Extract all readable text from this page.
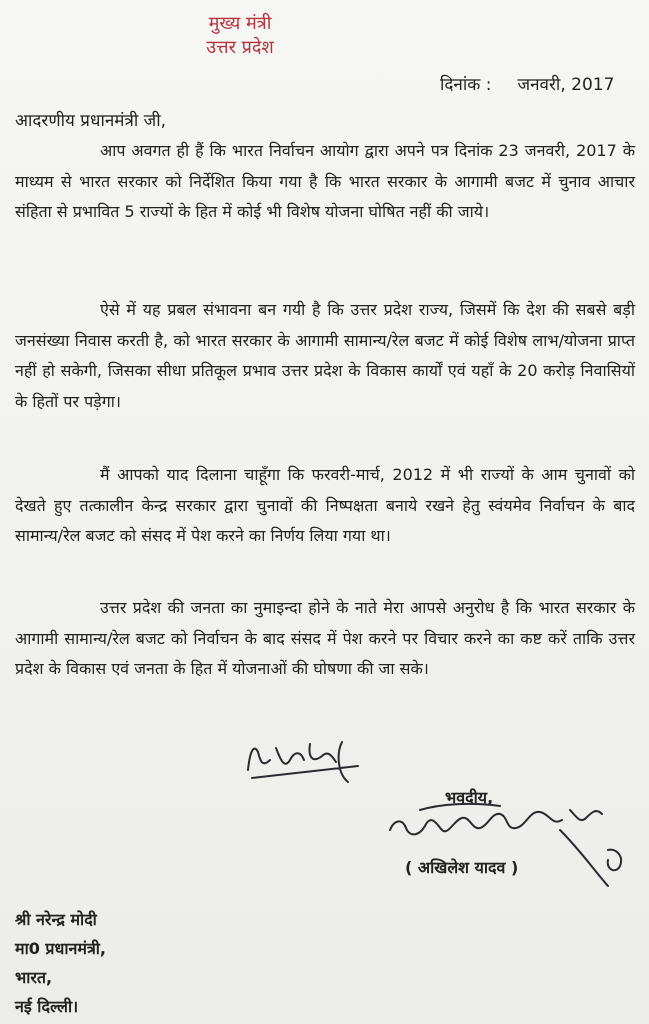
मुख्य मंत्री
उत्तर प्रदेश
दिनांक : जनवरी, 2017
आदरणीय प्रधानमंत्री जी,

आप अवगत ही हैं कि भारत निर्वाचन आयोग द्वारा अपने पत्र दिनांक 23 जनवरी, 2017 के माध्यम से भारत सरकार को निर्देशित किया गया है कि भारत सरकार के आगामी बजट में चुनाव आचार संहिता से प्रभावित 5 राज्यों के हित में कोई भी विशेष योजना घोषित नहीं की जाये।

ऐसे में यह प्रबल संभावना बन गयी है कि उत्तर प्रदेश राज्य, जिसमें कि देश की सबसे बड़ी जनसंख्या निवास करती है, को भारत सरकार के आगामी सामान्य/रेल बजट में कोई विशेष लाभ/योजना प्राप्त नहीं हो सकेगी, जिसका सीधा प्रतिकूल प्रभाव उत्तर प्रदेश के विकास कार्यों एवं यहाँ के 20 करोड़ निवासियों के हितों पर पड़ेगा।

मैं आपको याद दिलाना चाहूँगा कि फरवरी-मार्च, 2012 में भी राज्यों के आम चुनावों को देखते हुए तत्कालीन केन्द्र सरकार द्वारा चुनावों की निष्पक्षता बनाये रखने हेतु स्वंयमेव निर्वाचन के बाद सामान्य/रेल बजट को संसद में पेश करने का निर्णय लिया गया था।

उत्तर प्रदेश की जनता का नुमाइन्दा होने के नाते मेरा आपसे अनुरोध है कि भारत सरकार के आगामी सामान्य/रेल बजट को निर्वाचन के बाद संसद में पेश करने पर विचार करने का कष्ट करें ताकि उत्तर प्रदेश के विकास एवं जनता के हित में योजनाओं की घोषणा की जा सके।

भवदीय,
( अखिलेश यादव )
श्री नरेन्द्र मोदी
मा0 प्रधानमंत्री,
भारत,
नई दिल्ली।
